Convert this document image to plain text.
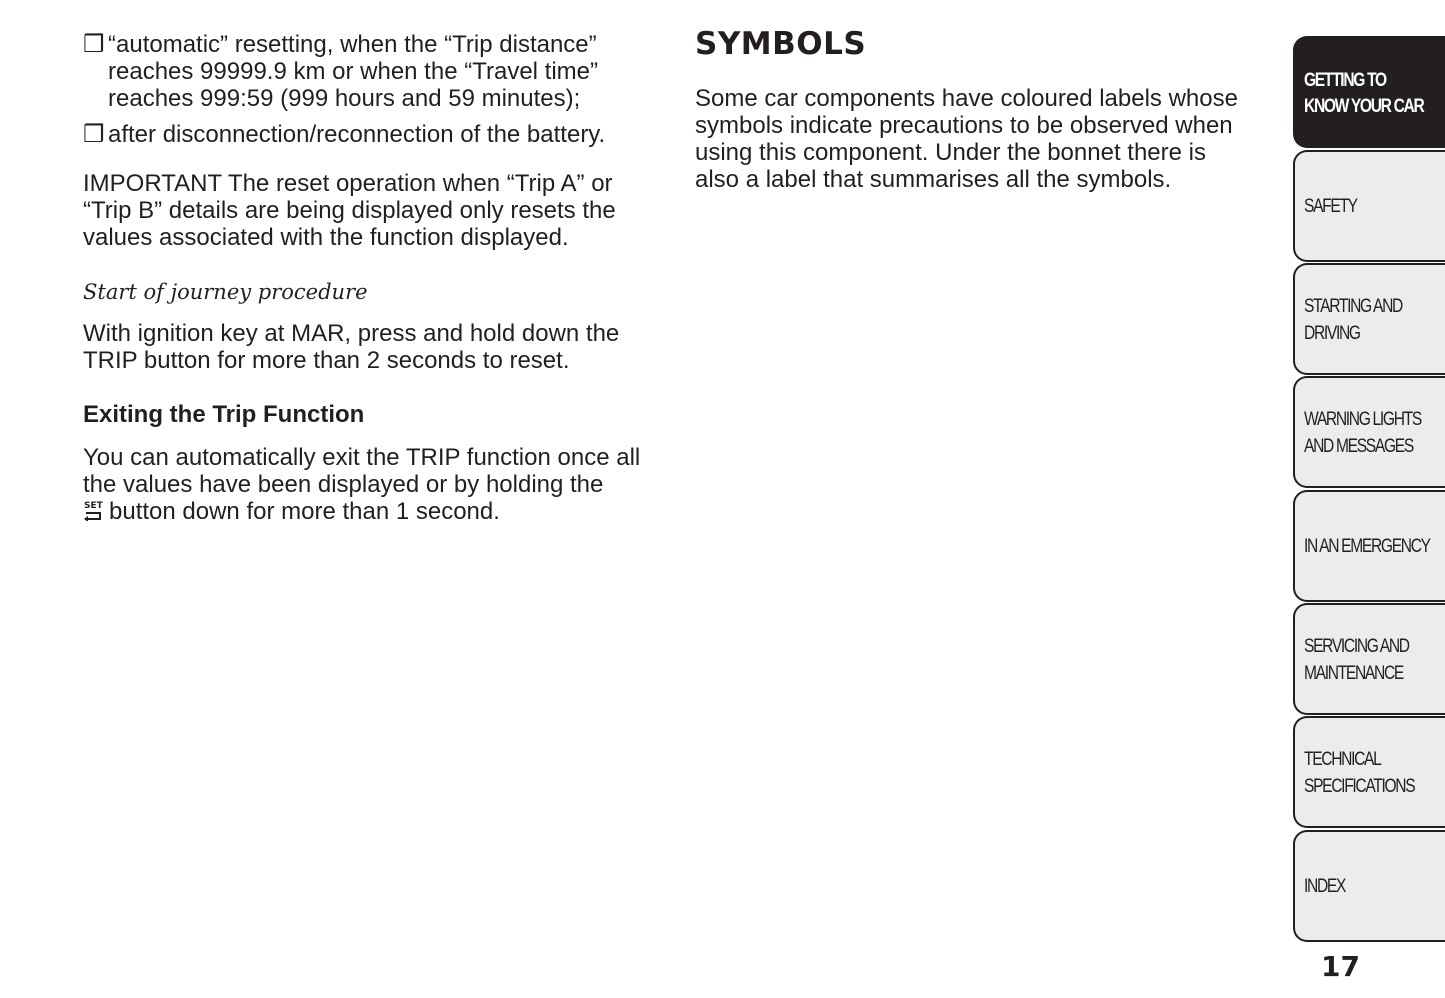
❒ “automatic” resetting, when the “Trip distance”

reaches 99999.9 km or when the “Travel time”

reaches 999:59 (999 hours and 59 minutes);

❒ after disconnection/reconnection of the battery.

IMPORTANT The reset operation when “Trip A” or

“Trip B” details are being displayed only resets the

values associated with the function displayed.

Start of journey procedure

With ignition key at MAR, press and hold down the

TRIP button for more than 2 seconds to reset.

Exiting the Trip Function

You can automatically exit the TRIP function once all

the values have been displayed or by holding the

SET button down for more than 1 second.

SYMBOLS

Some car components have coloured labels whose

symbols indicate precautions to be observed when

using this component. Under the bonnet there is

also a label that summarises all the symbols.

GETTING TO
KNOW YOUR CAR
SAFETY
STARTING AND
DRIVING
WARNING LIGHTS
AND MESSAGES
IN AN EMERGENCY
SERVICING AND
MAINTENANCE
TECHNICAL
SPECIFICATIONS
INDEX
17
